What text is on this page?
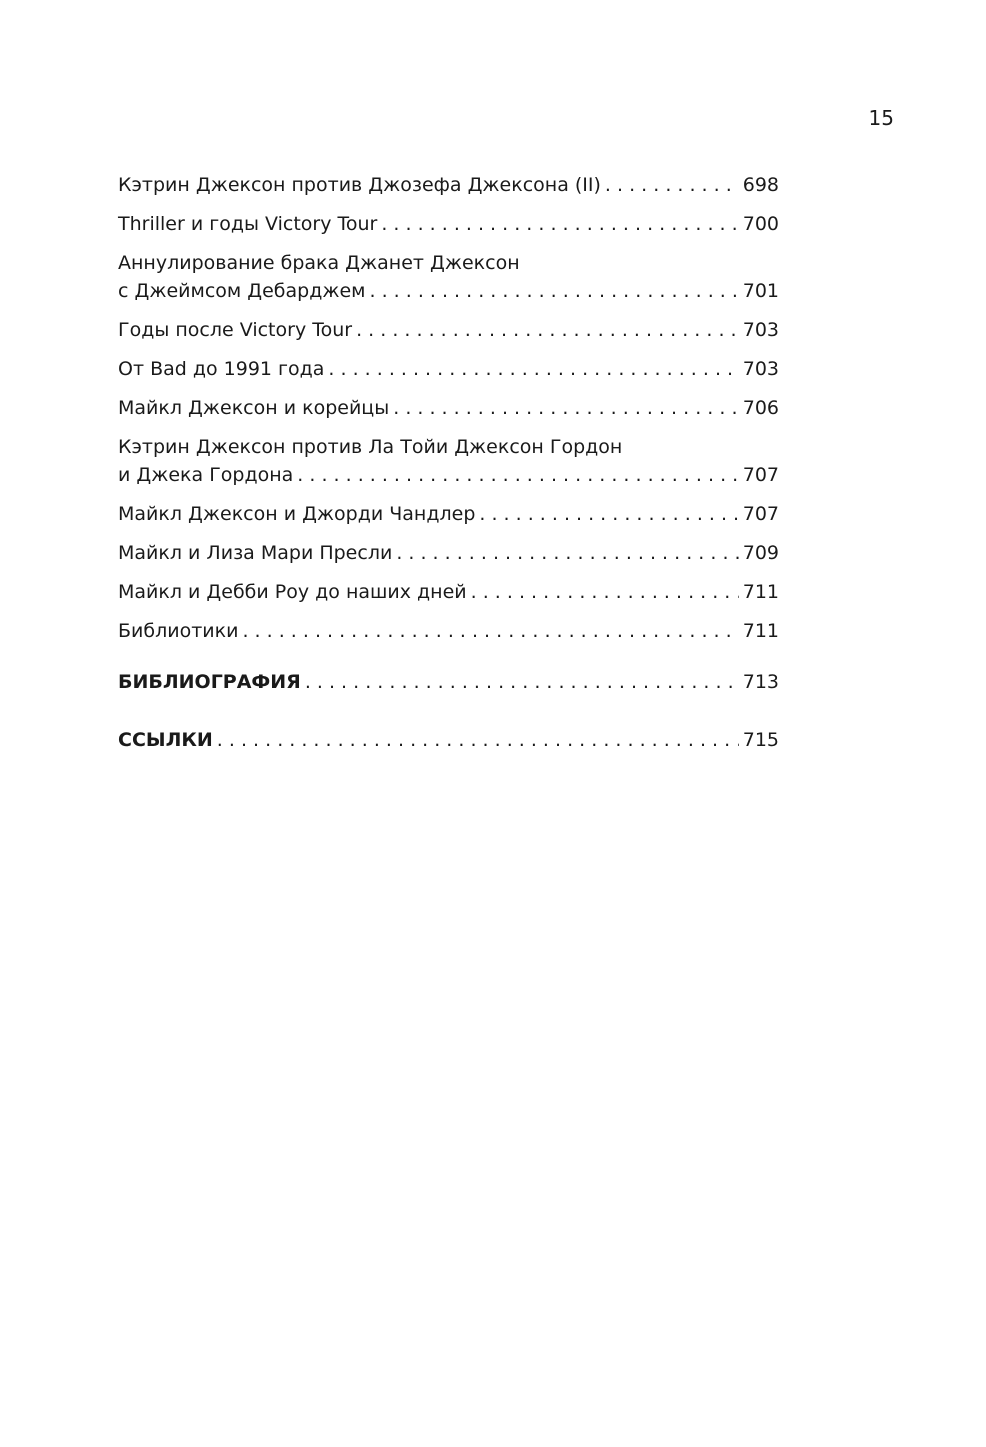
15
Кэтрин Джексон против Джозефа Джексона (II) . . .	698
Thriller и годы Victory Tour . . .	700
Аннулирование брака Джанет Джексон
с Джеймсом Дебарджем . . .	701
Годы после Victory Tour . . .	703
От Bad до 1991 года . . .	703
Майкл Джексон и корейцы . . .	706
Кэтрин Джексон против Ла Тойи Джексон Гордон
и Джека Гордона . . .	707
Майкл Джексон и Джорди Чандлер . . .	707
Майкл и Лиза Мари Пресли . . .	709
Майкл и Дебби Роу до наших дней . . .	711
Библиотики . . .	711
БИБЛИОГРАФИЯ . . .	713
ССЫЛКИ . . .	715
